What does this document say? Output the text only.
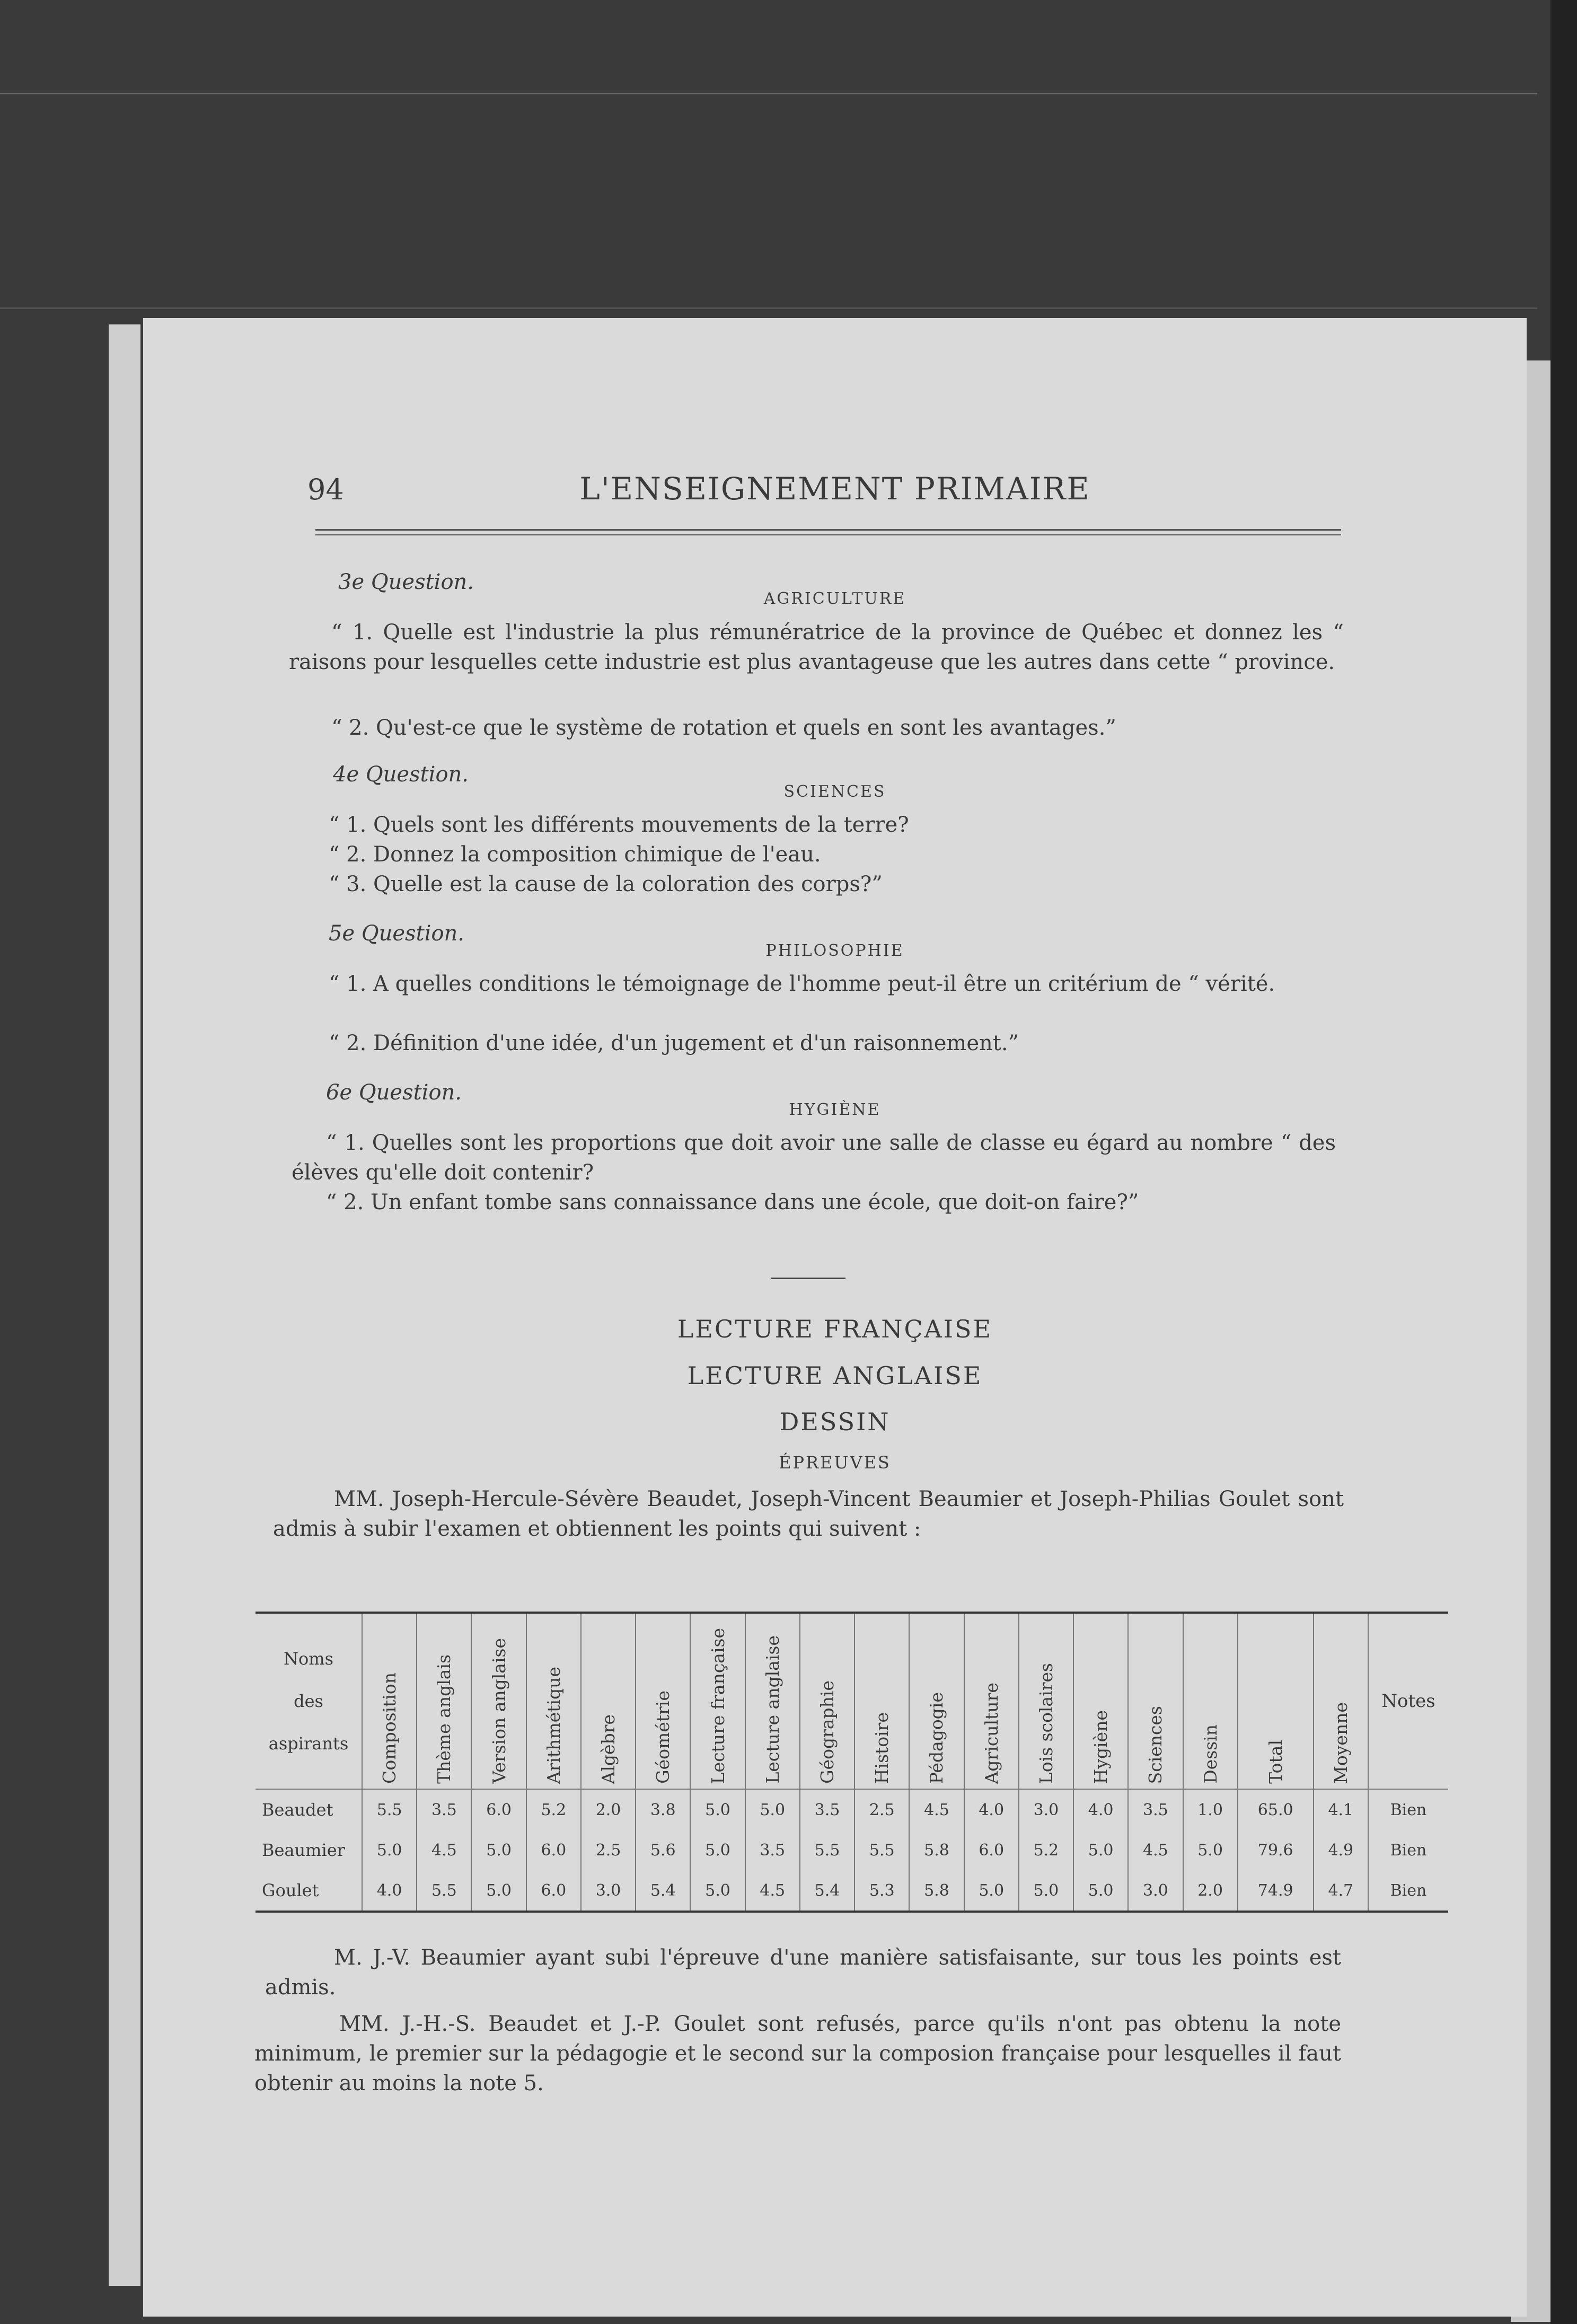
94	L'ENSEIGNEMENT PRIMAIRE
3e Question.
AGRICULTURE
“ 1. Quelle est l'industrie la plus rémunératrice de la province de Québec et donnez les “ raisons pour lesquelles cette industrie est plus avantageuse que les autres dans cette “ province.
“ 2. Qu'est-ce que le système de rotation et quels en sont les avantages.”
4e Question.
SCIENCES
“ 1. Quels sont les différents mouvements de la terre?
“ 2. Donnez la composition chimique de l'eau.
“ 3. Quelle est la cause de la coloration des corps?”
5e Question.
PHILOSOPHIE
“ 1. A quelles conditions le témoignage de l'homme peut-il être un critérium de “ vérité.
“ 2. Définition d'une idée, d'un jugement et d'un raisonnement.”
6e Question.
HYGIÈNE
“ 1. Quelles sont les proportions que doit avoir une salle de classe eu égard au nombre “ des élèves qu'elle doit contenir?
“ 2. Un enfant tombe sans connaissance dans une école, que doit-on faire?”
LECTURE FRANÇAISE
LECTURE ANGLAISE
DESSIN
ÉPREUVES
MM. Joseph-Hercule-Sévère Beaudet, Joseph-Vincent Beaumier et Joseph-Philias Goulet sont admis à subir l'examen et obtiennent les points qui suivent :
Noms
des
aspirants	Composition	Thème anglais	Version anglaise	Arithmétique	Algèbre	Géométrie	Lecture française	Lecture anglaise	Géographie	Histoire	Pédagogie	Agriculture	Lois scolaires	Hygiène	Sciences	Dessin	Total	Moyenne	Notes
Beaudet	5.5	3.5	6.0	5.2	2.0	3.8	5.0	5.0	3.5	2.5	4.5	4.0	3.0	4.0	3.5	1.0	65.0	4.1	Bien
Beaumier	5.0	4.5	5.0	6.0	2.5	5.6	5.0	3.5	5.5	5.5	5.8	6.0	5.2	5.0	4.5	5.0	79.6	4.9	Bien
Goulet	4.0	5.5	5.0	6.0	3.0	5.4	5.0	4.5	5.4	5.3	5.8	5.0	5.0	5.0	3.0	2.0	74.9	4.7	Bien
M. J.-V. Beaumier ayant subi l'épreuve d'une manière satisfaisante, sur tous les points est admis.
MM. J.-H.-S. Beaudet et J.-P. Goulet sont refusés, parce qu'ils n'ont pas obtenu la note minimum, le premier sur la pédagogie et le second sur la composion française pour lesquelles il faut obtenir au moins la note 5.
